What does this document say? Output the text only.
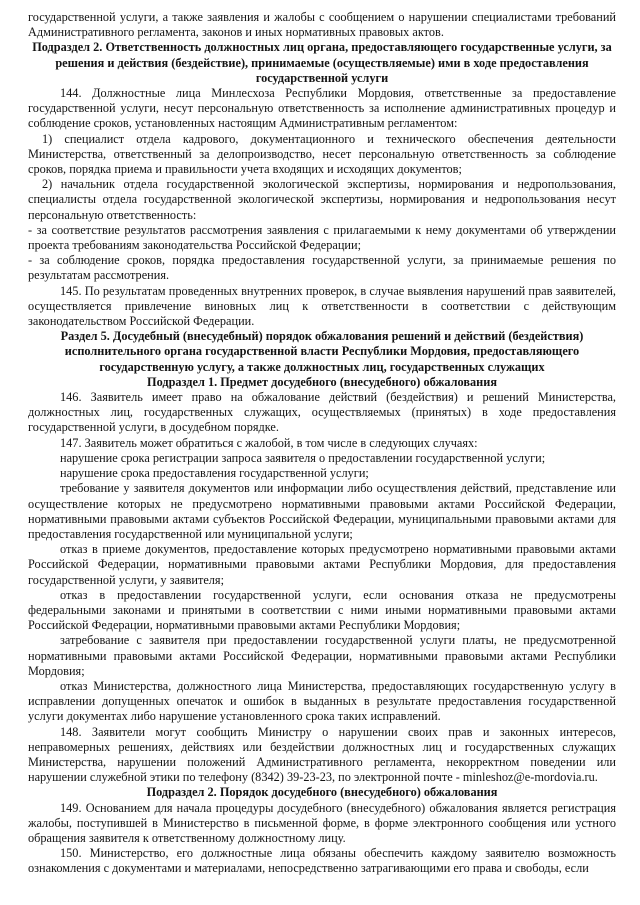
государственной услуги, а также заявления и жалобы с сообщением о нарушении специалистами требований Административного регламента, законов и иных нормативных правовых актов.

Подраздел 2. Ответственность должностных лиц органа, предоставляющего государственные услуги, за решения и действия (бездействие), принимаемые (осуществляемые) ими в ходе предоставления государственной услуги

144. Должностные лица Минлесхоза Республики Мордовия, ответственные за предоставление государственной услуги, несут персональную ответственность за исполнение административных процедур и соблюдение сроков, установленных настоящим Административным регламентом:

1) специалист отдела кадрового, документационного и технического обеспечения деятельности Министерства, ответственный за делопроизводство, несет персональную ответственность за соблюдение сроков, порядка приема и правильности учета входящих и исходящих документов;

2) начальник отдела государственной экологической экспертизы, нормирования и недропользования, специалисты отдела государственной экологической экспертизы, нормирования и недропользования несут персональную ответственность:

- за соответствие результатов рассмотрения заявления с прилагаемыми к нему документами об утверждении проекта требованиям законодательства Российской Федерации;

- за соблюдение сроков, порядка предоставления государственной услуги, за принимаемые решения по результатам рассмотрения.

145. По результатам проведенных внутренних проверок, в случае выявления нарушений прав заявителей, осуществляется привлечение виновных лиц к ответственности в соответствии с действующим законодательством Российской Федерации.

Раздел 5. Досудебный (внесудебный) порядок обжалования решений и действий (бездействия) исполнительного органа государственной власти Республики Мордовия, предоставляющего государственную услугу, а также должностных лиц, государственных служащих

Подраздел 1. Предмет досудебного (внесудебного) обжалования

146. Заявитель имеет право на обжалование действий (бездействия) и решений Министерства, должностных лиц, государственных служащих, осуществляемых (принятых) в ходе предоставления государственной услуги, в досудебном порядке.

147. Заявитель может обратиться с жалобой, в том числе в следующих случаях:

нарушение срока регистрации запроса заявителя о предоставлении государственной услуги;

нарушение срока предоставления государственной услуги;

требование у заявителя документов или информации либо осуществления действий, представление или осуществление которых не предусмотрено нормативными правовыми актами Российской Федерации, нормативными правовыми актами субъектов Российской Федерации, муниципальными правовыми актами для предоставления государственной или муниципальной услуги;

отказ в приеме документов, предоставление которых предусмотрено нормативными правовыми актами Российской Федерации, нормативными правовыми актами Республики Мордовия, для предоставления государственной услуги, у заявителя;

отказ в предоставлении государственной услуги, если основания отказа не предусмотрены федеральными законами и принятыми в соответствии с ними иными нормативными правовыми актами Российской Федерации, нормативными правовыми актами Республики Мордовия;

затребование с заявителя при предоставлении государственной услуги платы, не предусмотренной нормативными правовыми актами Российской Федерации, нормативными правовыми актами Республики Мордовия;

отказ Министерства, должностного лица Министерства, предоставляющих государственную услугу в исправлении допущенных опечаток и ошибок в выданных в результате предоставления государственной услуги документах либо нарушение установленного срока таких исправлений.

148. Заявители могут сообщить Министру о нарушении своих прав и законных интересов, неправомерных решениях, действиях или бездействии должностных лиц и государственных служащих Министерства, нарушении положений Административного регламента, некорректном поведении или нарушении служебной этики по телефону (8342) 39-23-23, по электронной почте - minleshoz@e-mordovia.ru.

Подраздел 2. Порядок досудебного (внесудебного) обжалования

149. Основанием для начала процедуры досудебного (внесудебного) обжалования является регистрация жалобы, поступившей в Министерство в письменной форме, в форме электронного сообщения или устного обращения заявителя к ответственному должностному лицу.

150. Министерство, его должностные лица обязаны обеспечить каждому заявителю возможность ознакомления с документами и материалами, непосредственно затрагивающими его права и свободы, если
